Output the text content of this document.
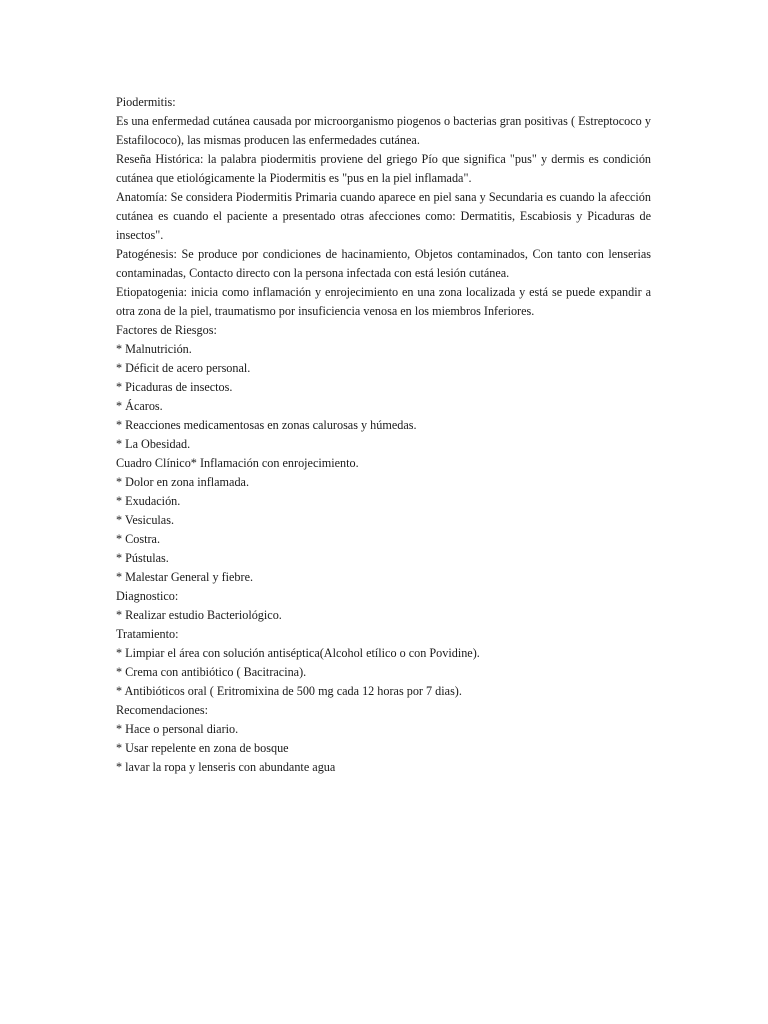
Piodermitis:

Es una enfermedad cutánea causada por microorganismo piogenos o bacterias gran positivas ( Estreptococo y Estafilococo), las mismas producen las enfermedades cutánea.

Reseña Histórica: la palabra piodermitis proviene del griego Pío que significa "pus" y dermis es condición cutánea que etiológicamente la Piodermitis es "pus en la piel inflamada".

Anatomía: Se considera Piodermitis Primaria cuando aparece en piel sana y Secundaria es cuando la afección cutánea es cuando el paciente a presentado otras afecciones como: Dermatitis, Escabiosis y Picaduras de insectos".

Patogénesis: Se produce por condiciones de hacinamiento, Objetos contaminados, Con tanto con lenserias contaminadas, Contacto directo con la persona infectada con está lesión cutánea.

Etiopatogenia: inicia como inflamación y enrojecimiento en una zona localizada y está se puede expandir a otra zona de la piel, traumatismo por insuficiencia venosa en los miembros Inferiores.

Factores de Riesgos:

* Malnutrición.

* Déficit de acero personal.

* Picaduras de insectos.

* Ácaros.

* Reacciones medicamentosas en zonas calurosas y húmedas.

* La Obesidad.

Cuadro Clínico* Inflamación con enrojecimiento.

* Dolor en zona inflamada.

* Exudación.

* Vesiculas.

* Costra.

* Pústulas.

* Malestar General y fiebre.

Diagnostico:

* Realizar estudio Bacteriológico.

Tratamiento:

* Limpiar el área con solución antiséptica(Alcohol etílico o con Povidine).

* Crema con antibiótico ( Bacitracina).

* Antibióticos oral ( Eritromixina de 500 mg cada 12 horas por 7 dias).

Recomendaciones:

* Hace o personal diario.

* Usar repelente en zona de bosque

* lavar la ropa y lenseris con abundante agua
